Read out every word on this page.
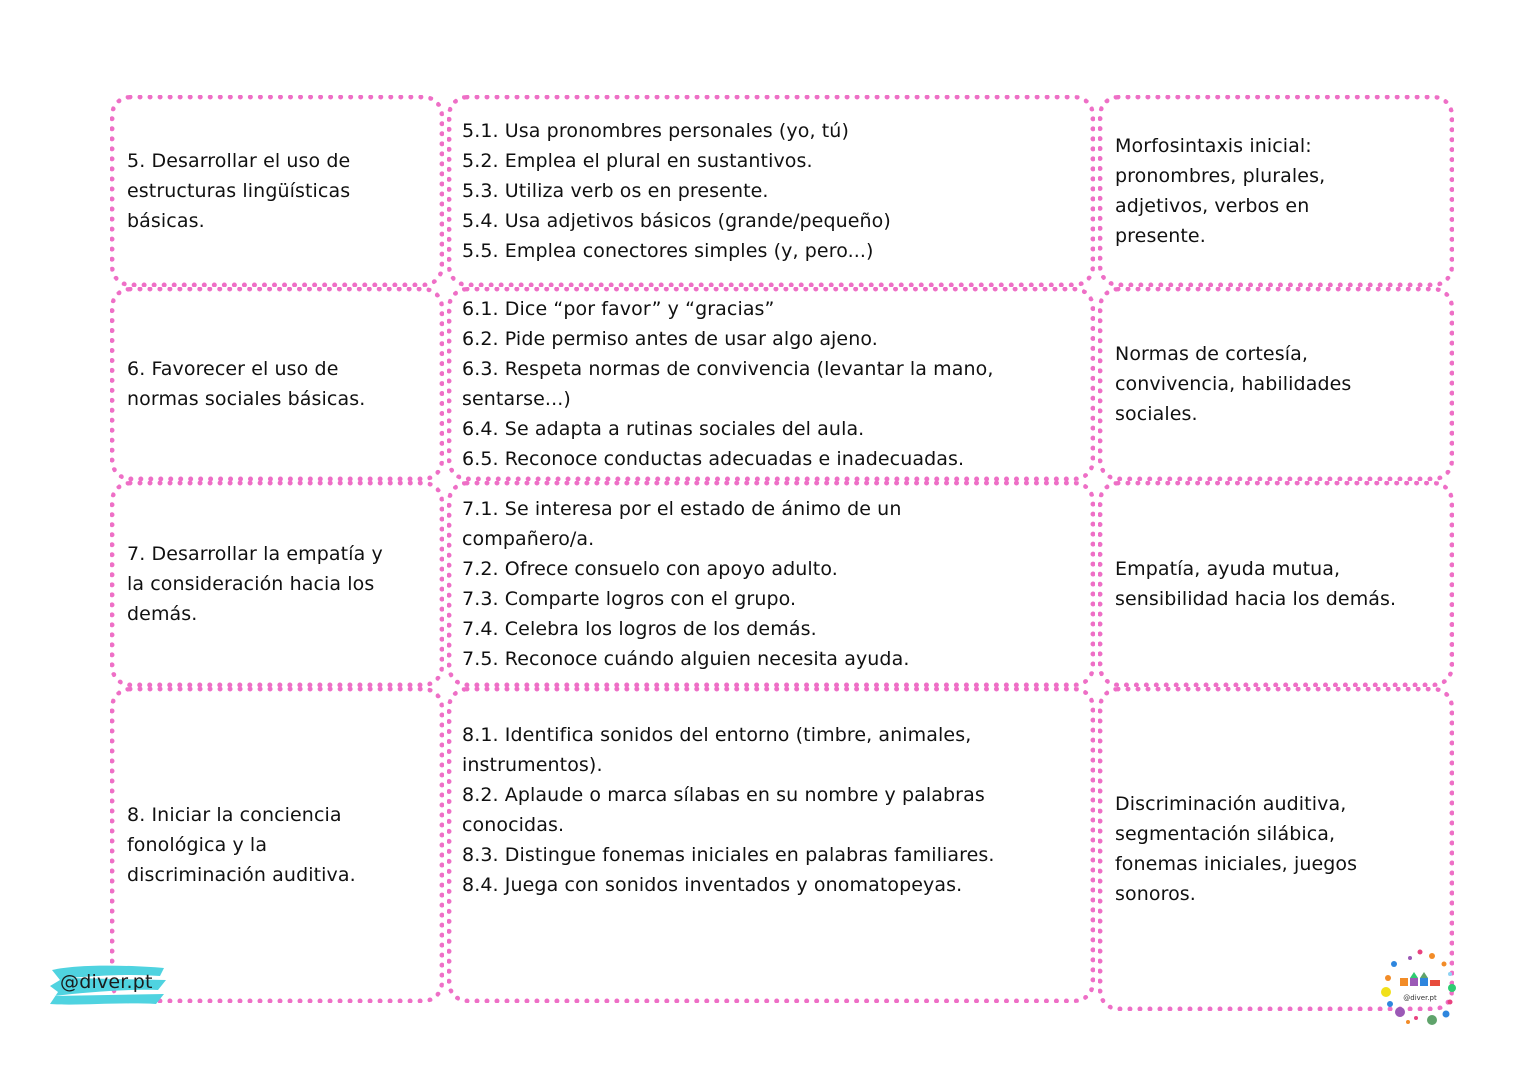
5. Desarrollar el uso de
estructuras lingüísticas
básicas.
5.1. Usa pronombres personales (yo, tú)
5.2. Emplea el plural en sustantivos.
5.3. Utiliza verb os en presente.
5.4. Usa adjetivos básicos (grande/pequeño)
5.5. Emplea conectores simples (y, pero...)
Morfosintaxis inicial:
pronombres, plurales,
adjetivos, verbos en
presente.
6. Favorecer el uso de
normas sociales básicas.
6.1. Dice “por favor” y “gracias”
6.2. Pide permiso antes de usar algo ajeno.
6.3. Respeta normas de convivencia (levantar la mano,
sentarse...)
6.4. Se adapta a rutinas sociales del aula.
6.5. Reconoce conductas adecuadas e inadecuadas.
Normas de cortesía,
convivencia, habilidades
sociales.
7. Desarrollar la empatía y
la consideración hacia los
demás.
7.1. Se interesa por el estado de ánimo de un
compañero/a.
7.2. Ofrece consuelo con apoyo adulto.
7.3. Comparte logros con el grupo.
7.4. Celebra los logros de los demás.
7.5. Reconoce cuándo alguien necesita ayuda.
Empatía, ayuda mutua,
sensibilidad hacia los demás.
8. Iniciar la conciencia
fonológica y la
discriminación auditiva.
8.1. Identifica sonidos del entorno (timbre, animales,
instrumentos).
8.2. Aplaude o marca sílabas en su nombre y palabras
conocidas.
8.3. Distingue fonemas iniciales en palabras familiares.
8.4. Juega con sonidos inventados y onomatopeyas.
Discriminación auditiva,
segmentación silábica,
fonemas iniciales, juegos
sonoros.
@diver.pt
@diver.pt
